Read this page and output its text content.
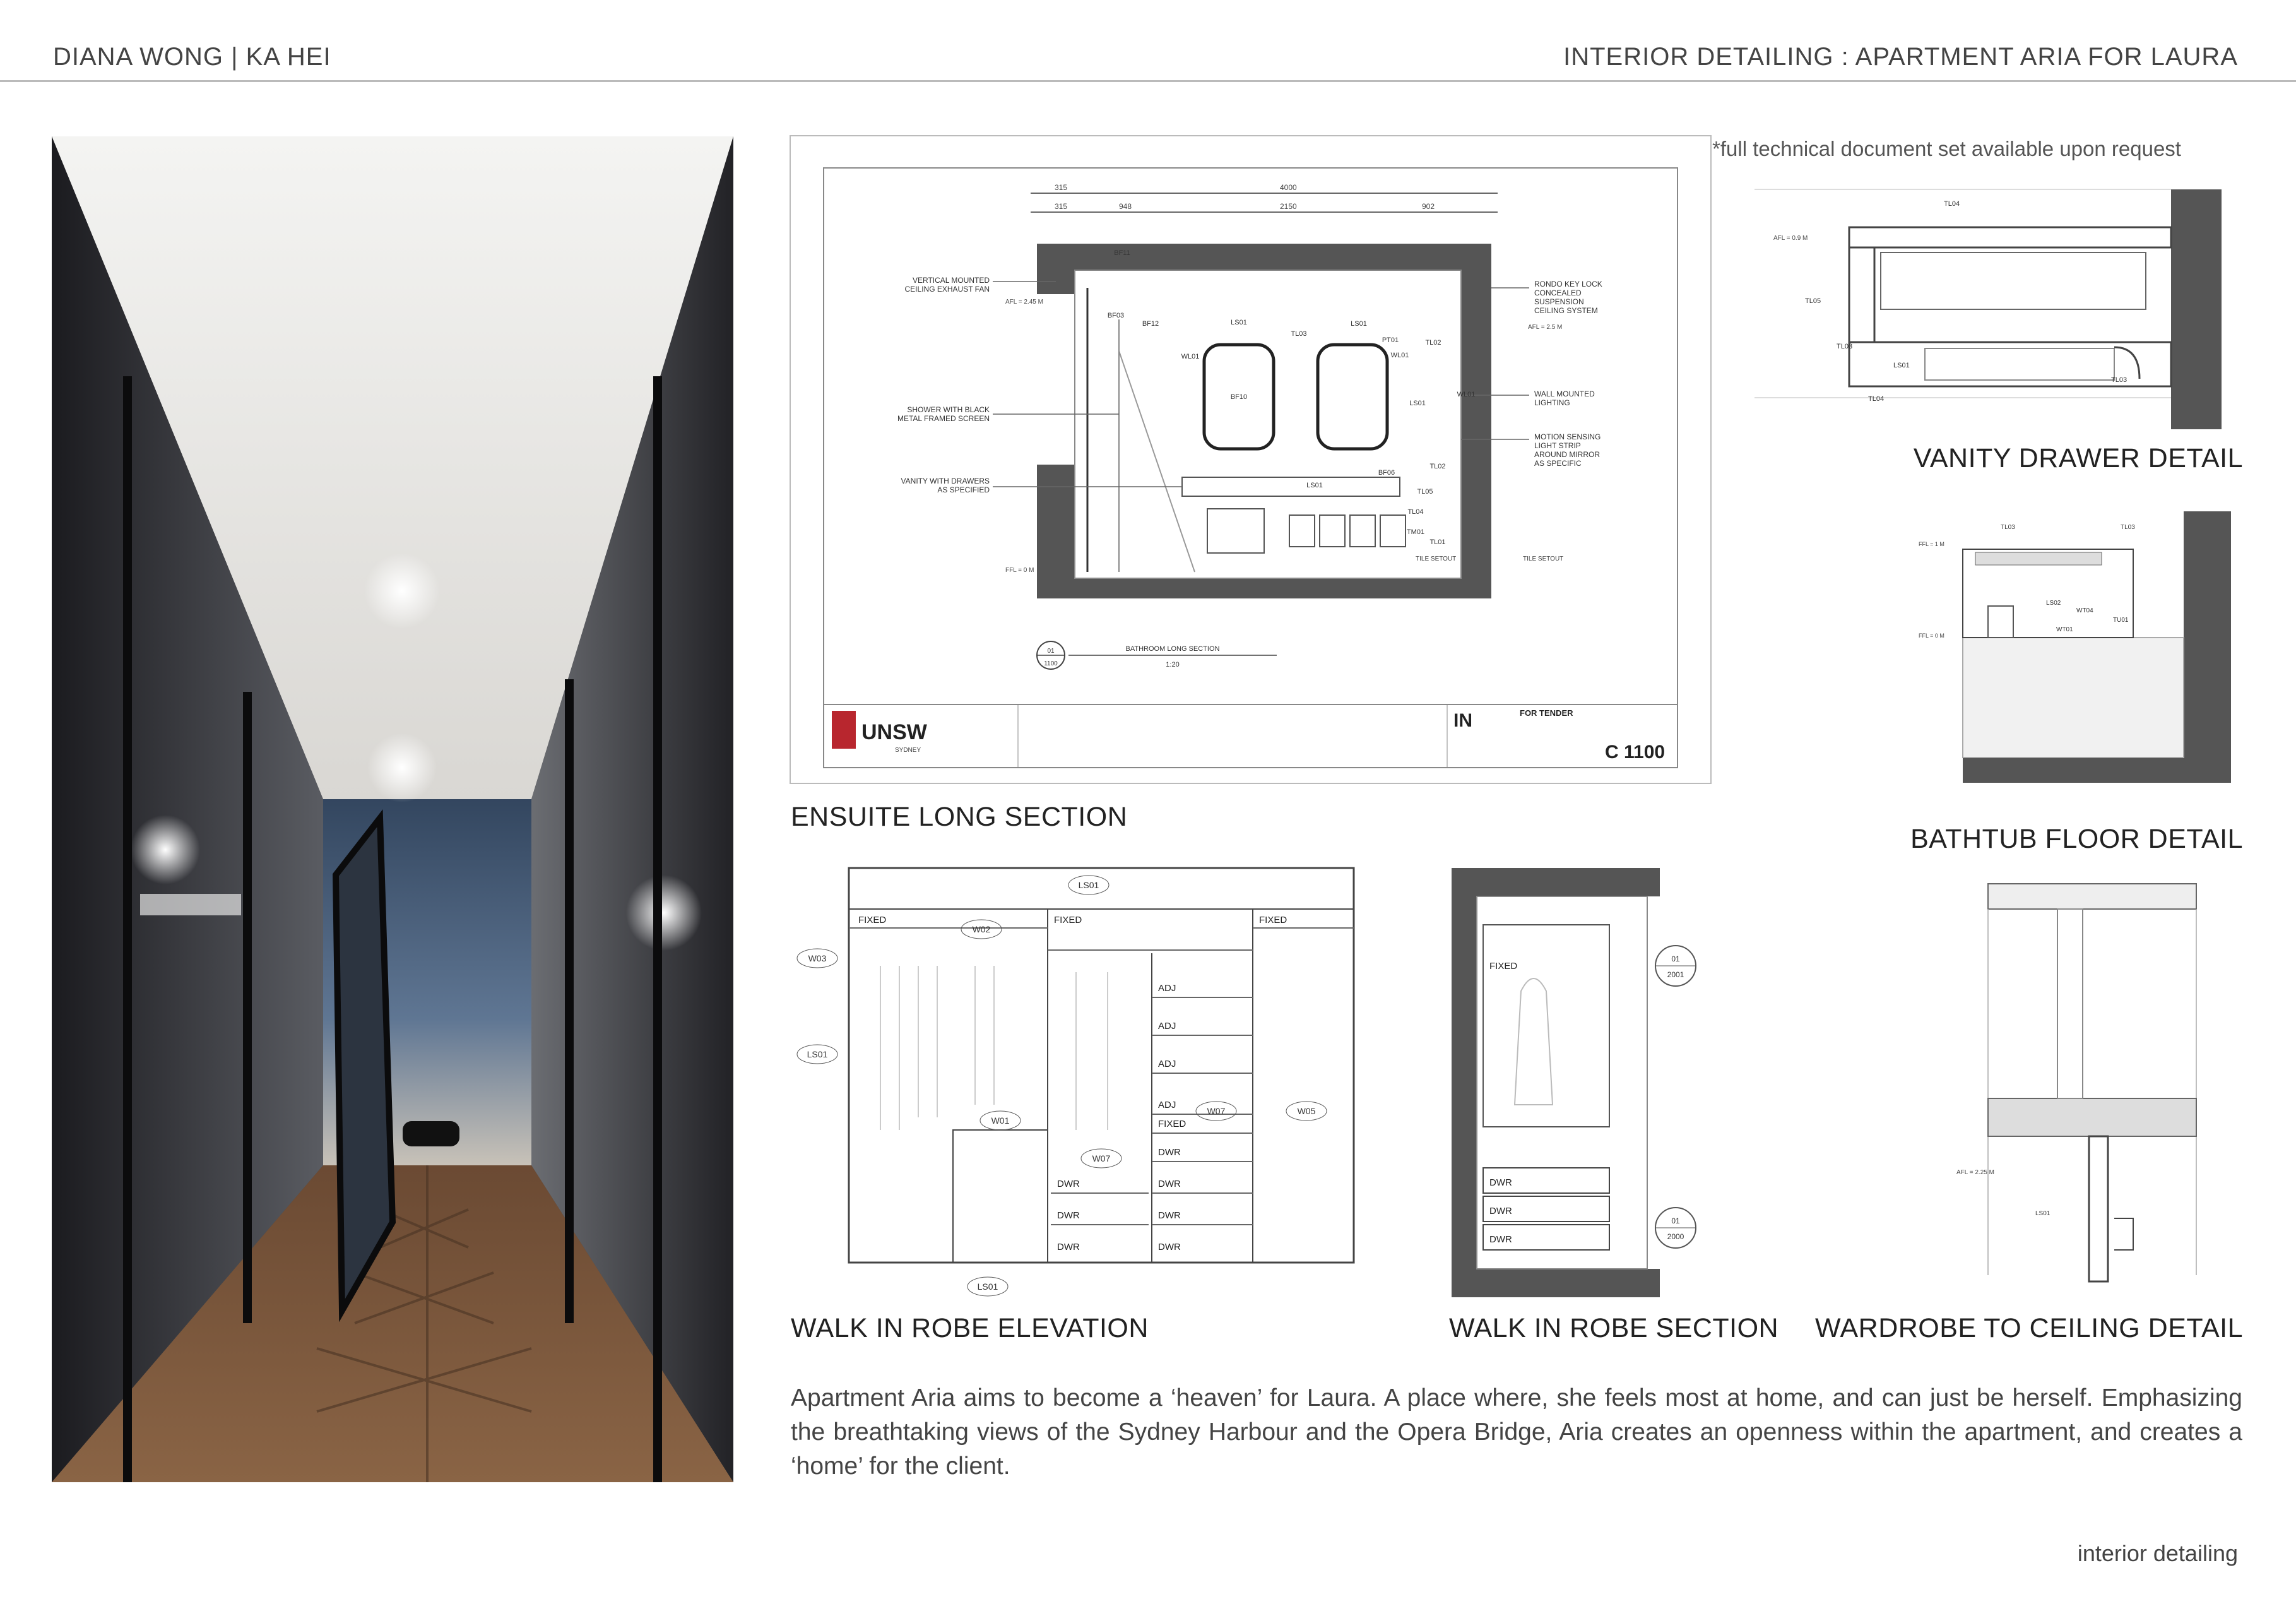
DIANA WONG | KA HEI	INTERIOR DETAILING : APARTMENT ARIA FOR LAURA
315	4000
315	948	2150	902
VERTICAL MOUNTED
CEILING EXHAUST FAN
SHOWER WITH BLACK
METAL FRAMED SCREEN
VANITY WITH DRAWERS
AS SPECIFIED
RONDO KEY LOCK
CONCEALED
SUSPENSION
CEILING SYSTEM
WALL MOUNTED
LIGHTING
MOTION SENSING
LIGHT STRIP
AROUND MIRROR
AS SPECIFIC
BF11
BF03
BF12	LS01
TL03
LS01
PT01	TL02
WL01	WL01
BF10
LS01
WL01
TL02
LS01
BF06
TL05
TL04
TM01
TL01
AFL = 2.45 M
AFL = 2.5 M
FFL = 0 M
TILE SETOUT	TILE SETOUT
01
1100
BATHROOM LONG SECTION
1:20
UNSW
SYDNEY
IN	FOR TENDER
C 1100
ENSUITE LONG SECTION
*full technical document set available upon request
TL04
TL05
TL03
LS01
TL04
TL03
AFL = 0.9 M
VANITY DRAWER DETAIL
TL03	TL03
LS02
WT04
TU01
WT01
FFL = 1 M
FFL = 0 M
BATHTUB FLOOR DETAIL
FIXED	FIXED	FIXED
ADJ
ADJ
ADJ
ADJ
FIXED
DWR
DWR	DWR
DWR	DWR
DWR	DWR
LS01
W02
W03
LS01
W01
W07
W07	W05
LS01
WALK IN ROBE ELEVATION
FIXED
DWR
DWR
DWR
01
2001
01
2000
WALK IN ROBE SECTION
AFL = 2.25 M
LS01
WARDROBE TO CEILING DETAIL
Apartment Aria aims to become a ‘heaven’ for Laura. A place where, she feels most at home, and can just be herself. Emphasizing the breathtaking views of the Sydney Harbour and the Opera Bridge, Aria creates an openness within the apartment, and creates a ‘home’ for the client.
interior detailing
